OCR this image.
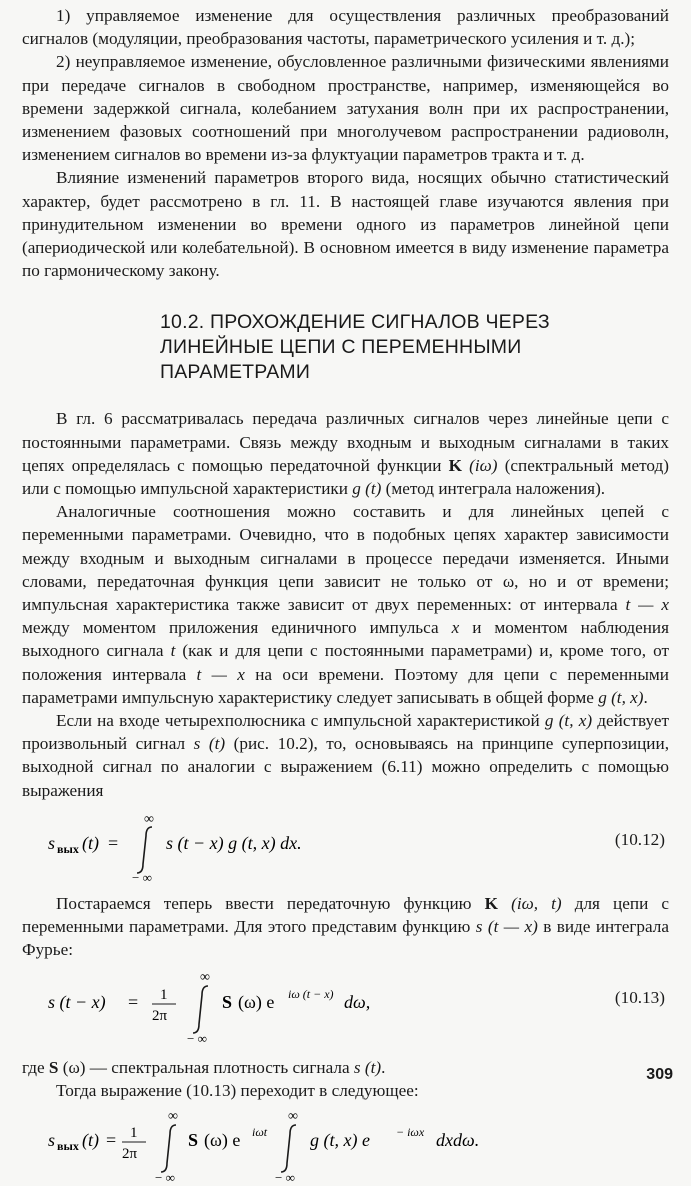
1) управляемое изменение для осуществления различных преобразований сигналов (модуляции, преобразования частоты, параметрического усиления и т. д.);

2) неуправляемое изменение, обусловленное различными физическими явлениями при передаче сигналов в свободном пространстве, например, изменяющейся во времени задержкой сигнала, колебанием затухания волн при их распространении, изменением фазовых соотношений при многолучевом распространении радиоволн, изменением сигналов во времени из-за флуктуации параметров тракта и т. д.

Влияние изменений параметров второго вида, носящих обычно статистический характер, будет рассмотрено в гл. 11. В настоящей главе изучаются явления при принудительном изменении во времени одного из параметров линейной цепи (апериодической или колебательной). В основном имеется в виду изменение параметра по гармоническому закону.

10.2. ПРОХОЖДЕНИЕ СИГНАЛОВ ЧЕРЕЗ
ЛИНЕЙНЫЕ ЦЕПИ С ПЕРЕМЕННЫМИ
ПАРАМЕТРАМИ

В гл. 6 рассматривалась передача различных сигналов через линейные цепи с постоянными параметрами. Связь между входным и выходным сигналами в таких цепях определялась с помощью передаточной функции K (iω) (спектральный метод) или с помощью импульсной характеристики g (t) (метод интеграла наложения).

Аналогичные соотношения можно составить и для линейных цепей с переменными параметрами. Очевидно, что в подобных цепях характер зависимости между входным и выходным сигналами в процессе передачи изменяется. Иными словами, передаточная функция цепи зависит не только от ω, но и от времени; импульсная характеристика также зависит от двух переменных: от интервала t — x между моментом приложения единичного импульса x и моментом наблюдения выходного сигнала t (как и для цепи с постоянными параметрами) и, кроме того, от положения интервала t — x на оси времени. Поэтому для цепи с переменными параметрами импульсную характеристику следует записывать в общей форме g (t, x).

Если на входе четырехполюсника с импульсной характеристикой g (t, x) действует произвольный сигнал s (t) (рис. 10.2), то, основываясь на принципе суперпозиции, выходной сигнал по аналогии с выражением (6.11) можно определить с помощью выражения

s вых (t) =
∞
− ∞
s (t − x) g (t, x) dx.	(10.12)

Постараемся теперь ввести передаточную функцию K (iω, t) для цепи с переменными параметрами. Для этого представим функцию s (t — x) в виде интеграла Фурье:

s (t − x) = 1
2π
∞
− ∞
S (ω) e iω (t − x) dω,	(10.13)

где S (ω) — спектральная плотность сигнала s (t).

Тогда выражение (10.13) переходит в следующее:

s вых (t) = 1
2π
∞
− ∞
S (ω) e iωt
∞
− ∞
g (t, x) e − iωx dxdω.
309
